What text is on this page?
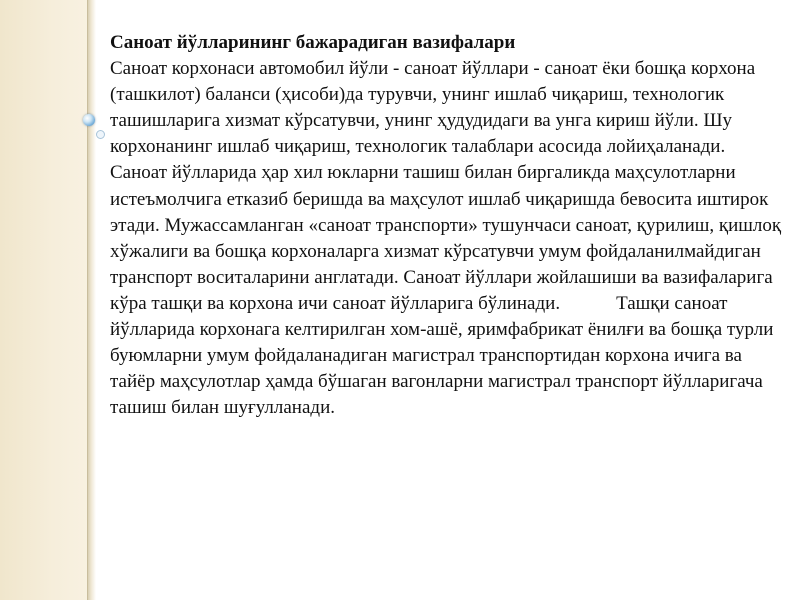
Саноат йўлларининг бажарадиган вазифалари

Саноат корхонаси автомобил йўли - саноат йўллари - саноат ёки бошқа корхона (ташкилот) баланси (ҳисоби)да турувчи, унинг ишлаб чиқариш, технологик ташишларига хизмат кўрсатувчи, унинг ҳудудидаги ва унга кириш йўли. Шу корхонанинг ишлаб чиқариш, технологик талаблари асосида лойиҳаланади.

Саноат йўлларида ҳар хил юкларни ташиш билан биргаликда маҳсулотларни истеъмолчига етказиб беришда ва маҳсулот ишлаб чиқаришда бевосита иштирок этади. Мужассамланган «саноат транспорти» тушунчаси саноат, қурилиш, қишлоқ хўжалиги ва бошқа корхоналарга хизмат кўрсатувчи умум фойдаланилмайдиган транспорт воситаларини англатади. Саноат йўллари жойлашиши ва вазифаларига кўра ташқи ва корхона ичи саноат йўлларига бўлинади.	Ташқи саноат йўлларида корхонага келтирилган хом-ашё, яримфабрикат ёнилғи ва бошқа турли буюмларни умум фойдаланадиган магистрал транспортидан корхона ичига ва тайёр маҳсулотлар ҳамда бўшаган вагонларни магистрал транспорт йўлларигача ташиш билан шуғулланади.
